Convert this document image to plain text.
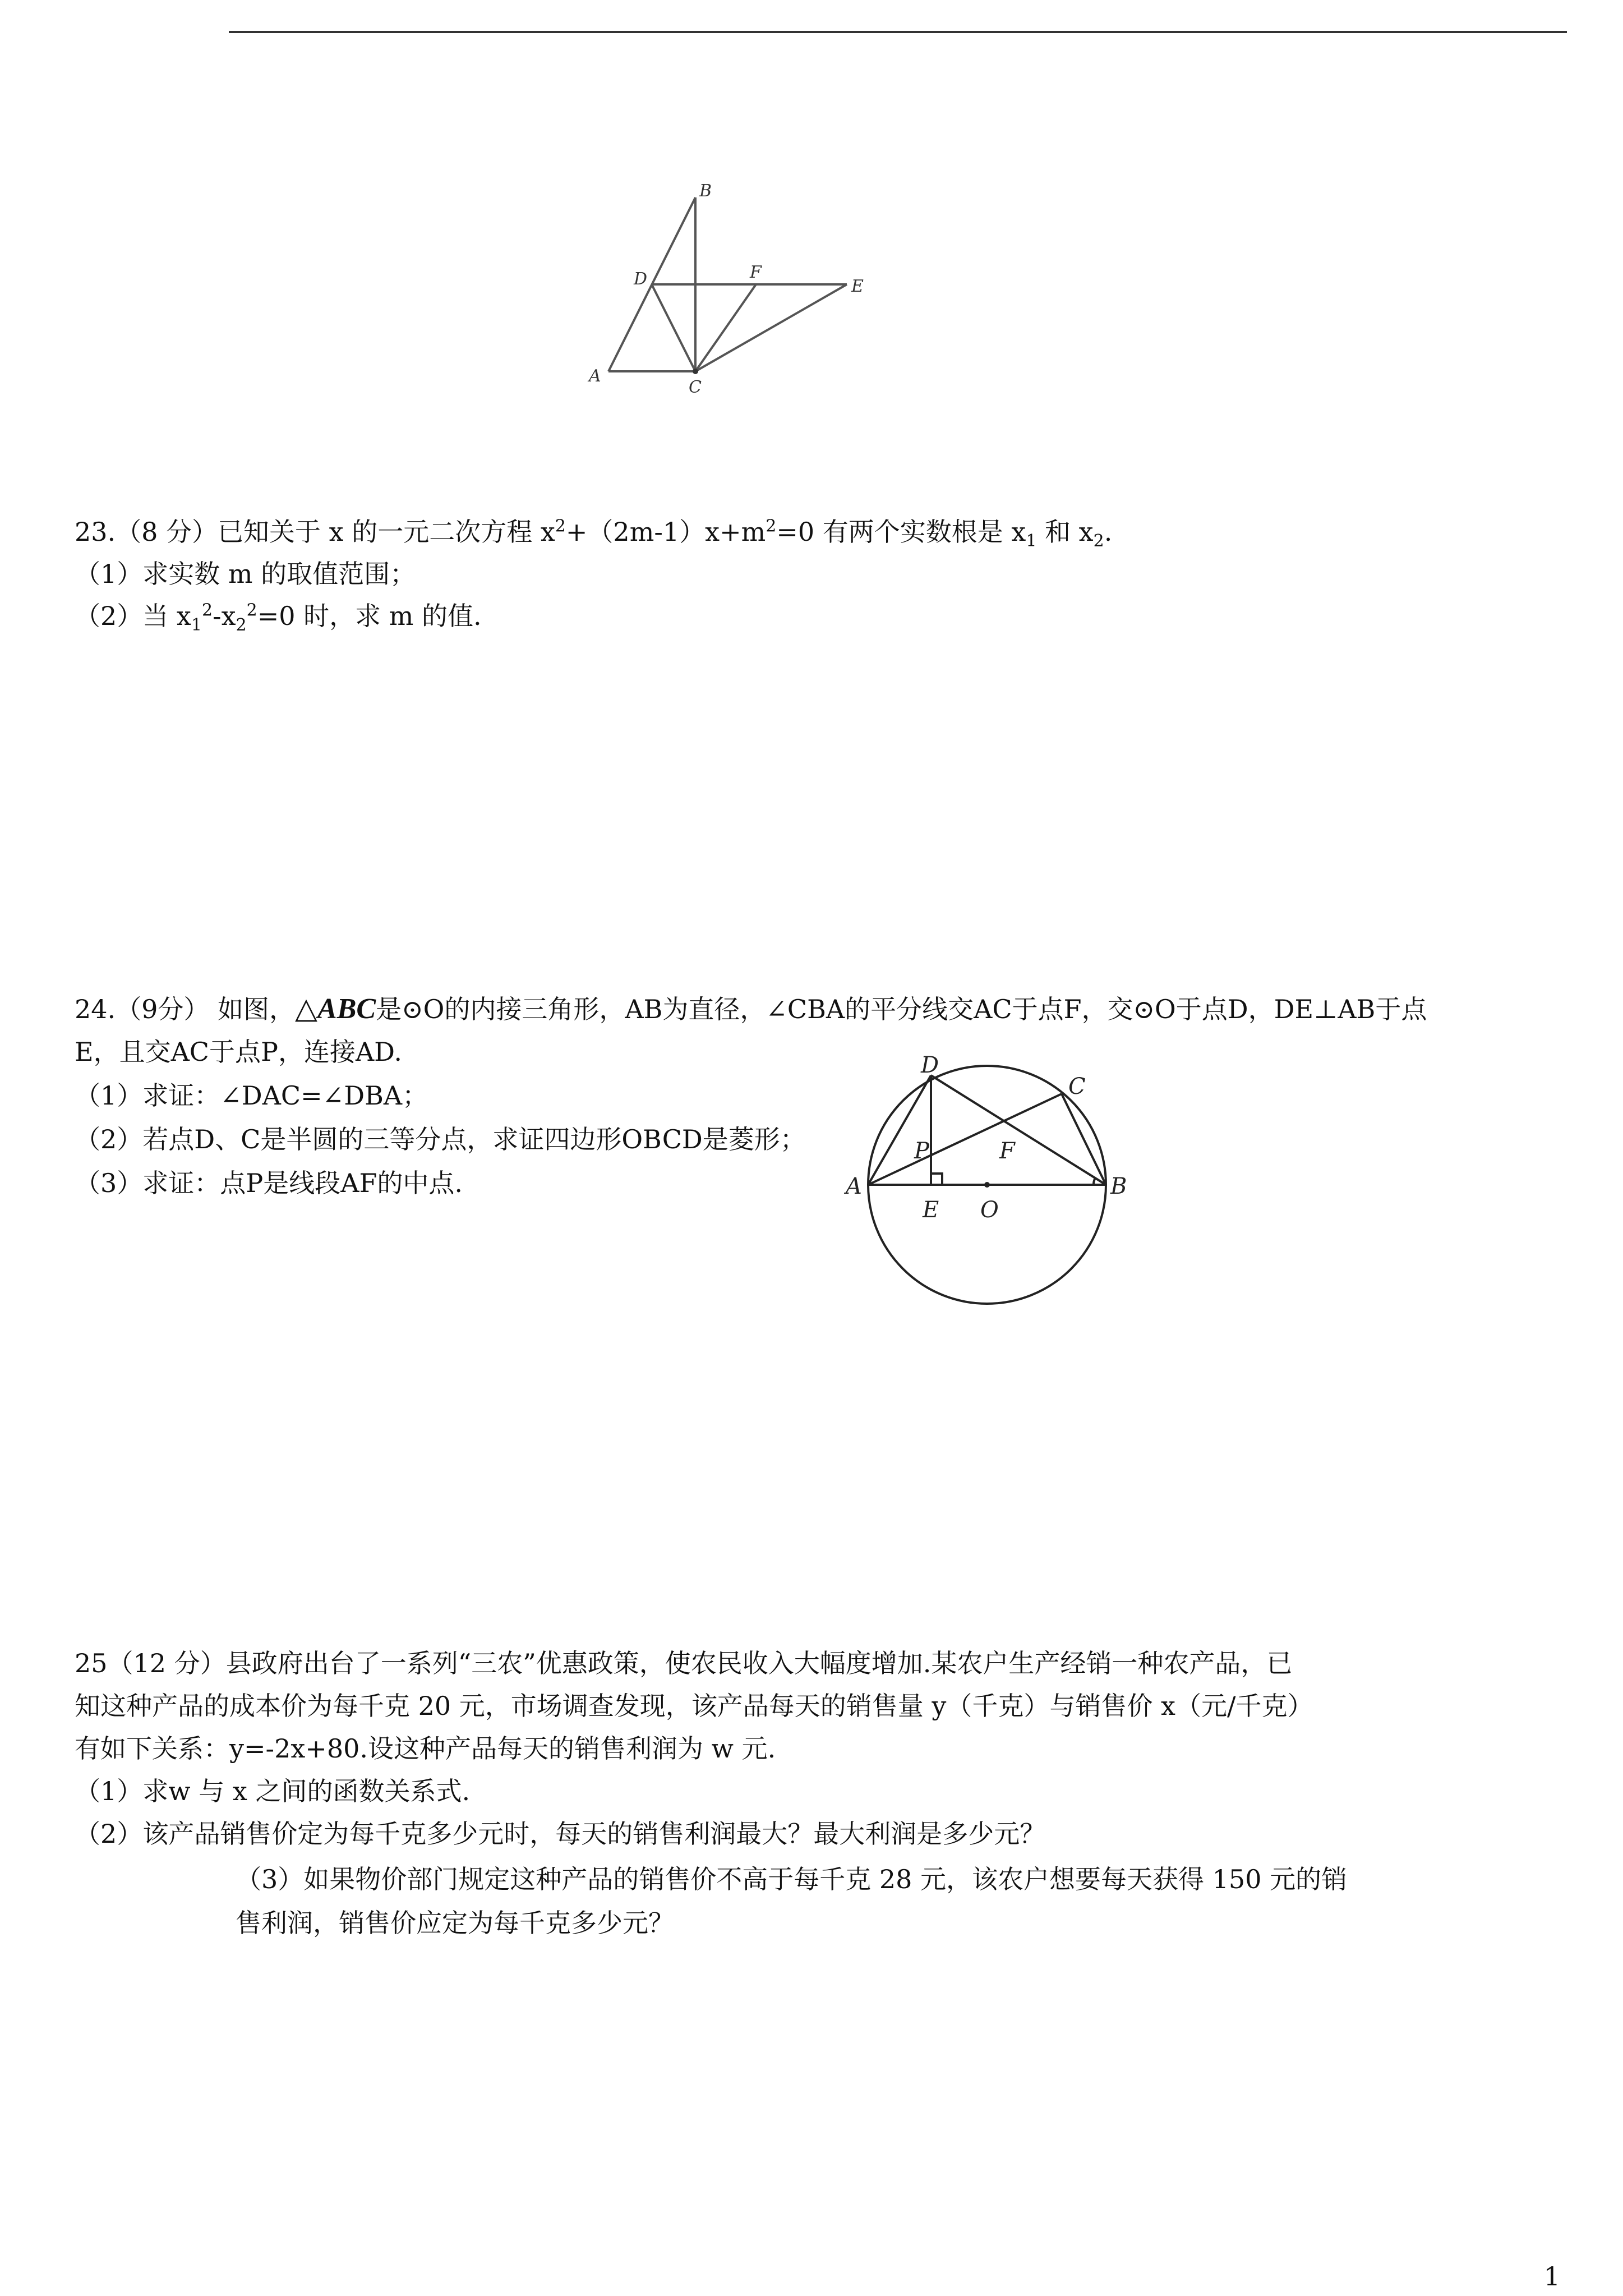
B
D	F
E
A
C
23.（8 分）已知关于 x 的一元二次方程 $x^2+(2m-1)x+m^2=0$ 有两个实数根是 $x_1$ 和 $x_2$.
（1）求实数 m 的取值范围；
（2）当 $x_1^2-x_2^2=0$ 时，求 m 的值.
24.（9分） 如图，△ABC是⊙O的内接三角形，AB为直径，∠CBA的平分线交AC于点F，交⊙O于点D，DE⊥AB于点
E，且交AC于点P，连接AD.
（1）求证：∠DAC=∠DBA；
（2）若点D、C是半圆的三等分点，求证四边形OBCD是菱形；
（3）求证：点P是线段AF的中点.
D
C
P	F
A	B
E O
25（12 分）县政府出台了一系列“三农”优惠政策，使农民收入大幅度增加.某农户生产经销一种农产品，已
知这种产品的成本价为每千克 20 元，市场调查发现，该产品每天的销售量 y（千克）与销售价 x（元/千克）
有如下关系：y=-2x+80.设这种产品每天的销售利润为 w 元.
（1）求w 与 x 之间的函数关系式.
（2）该产品销售价定为每千克多少元时，每天的销售利润最大？最大利润是多少元？
（3）如果物价部门规定这种产品的销售价不高于每千克 28 元，该农户想要每天获得 150 元的销
售利润，销售价应定为每千克多少元？
1
